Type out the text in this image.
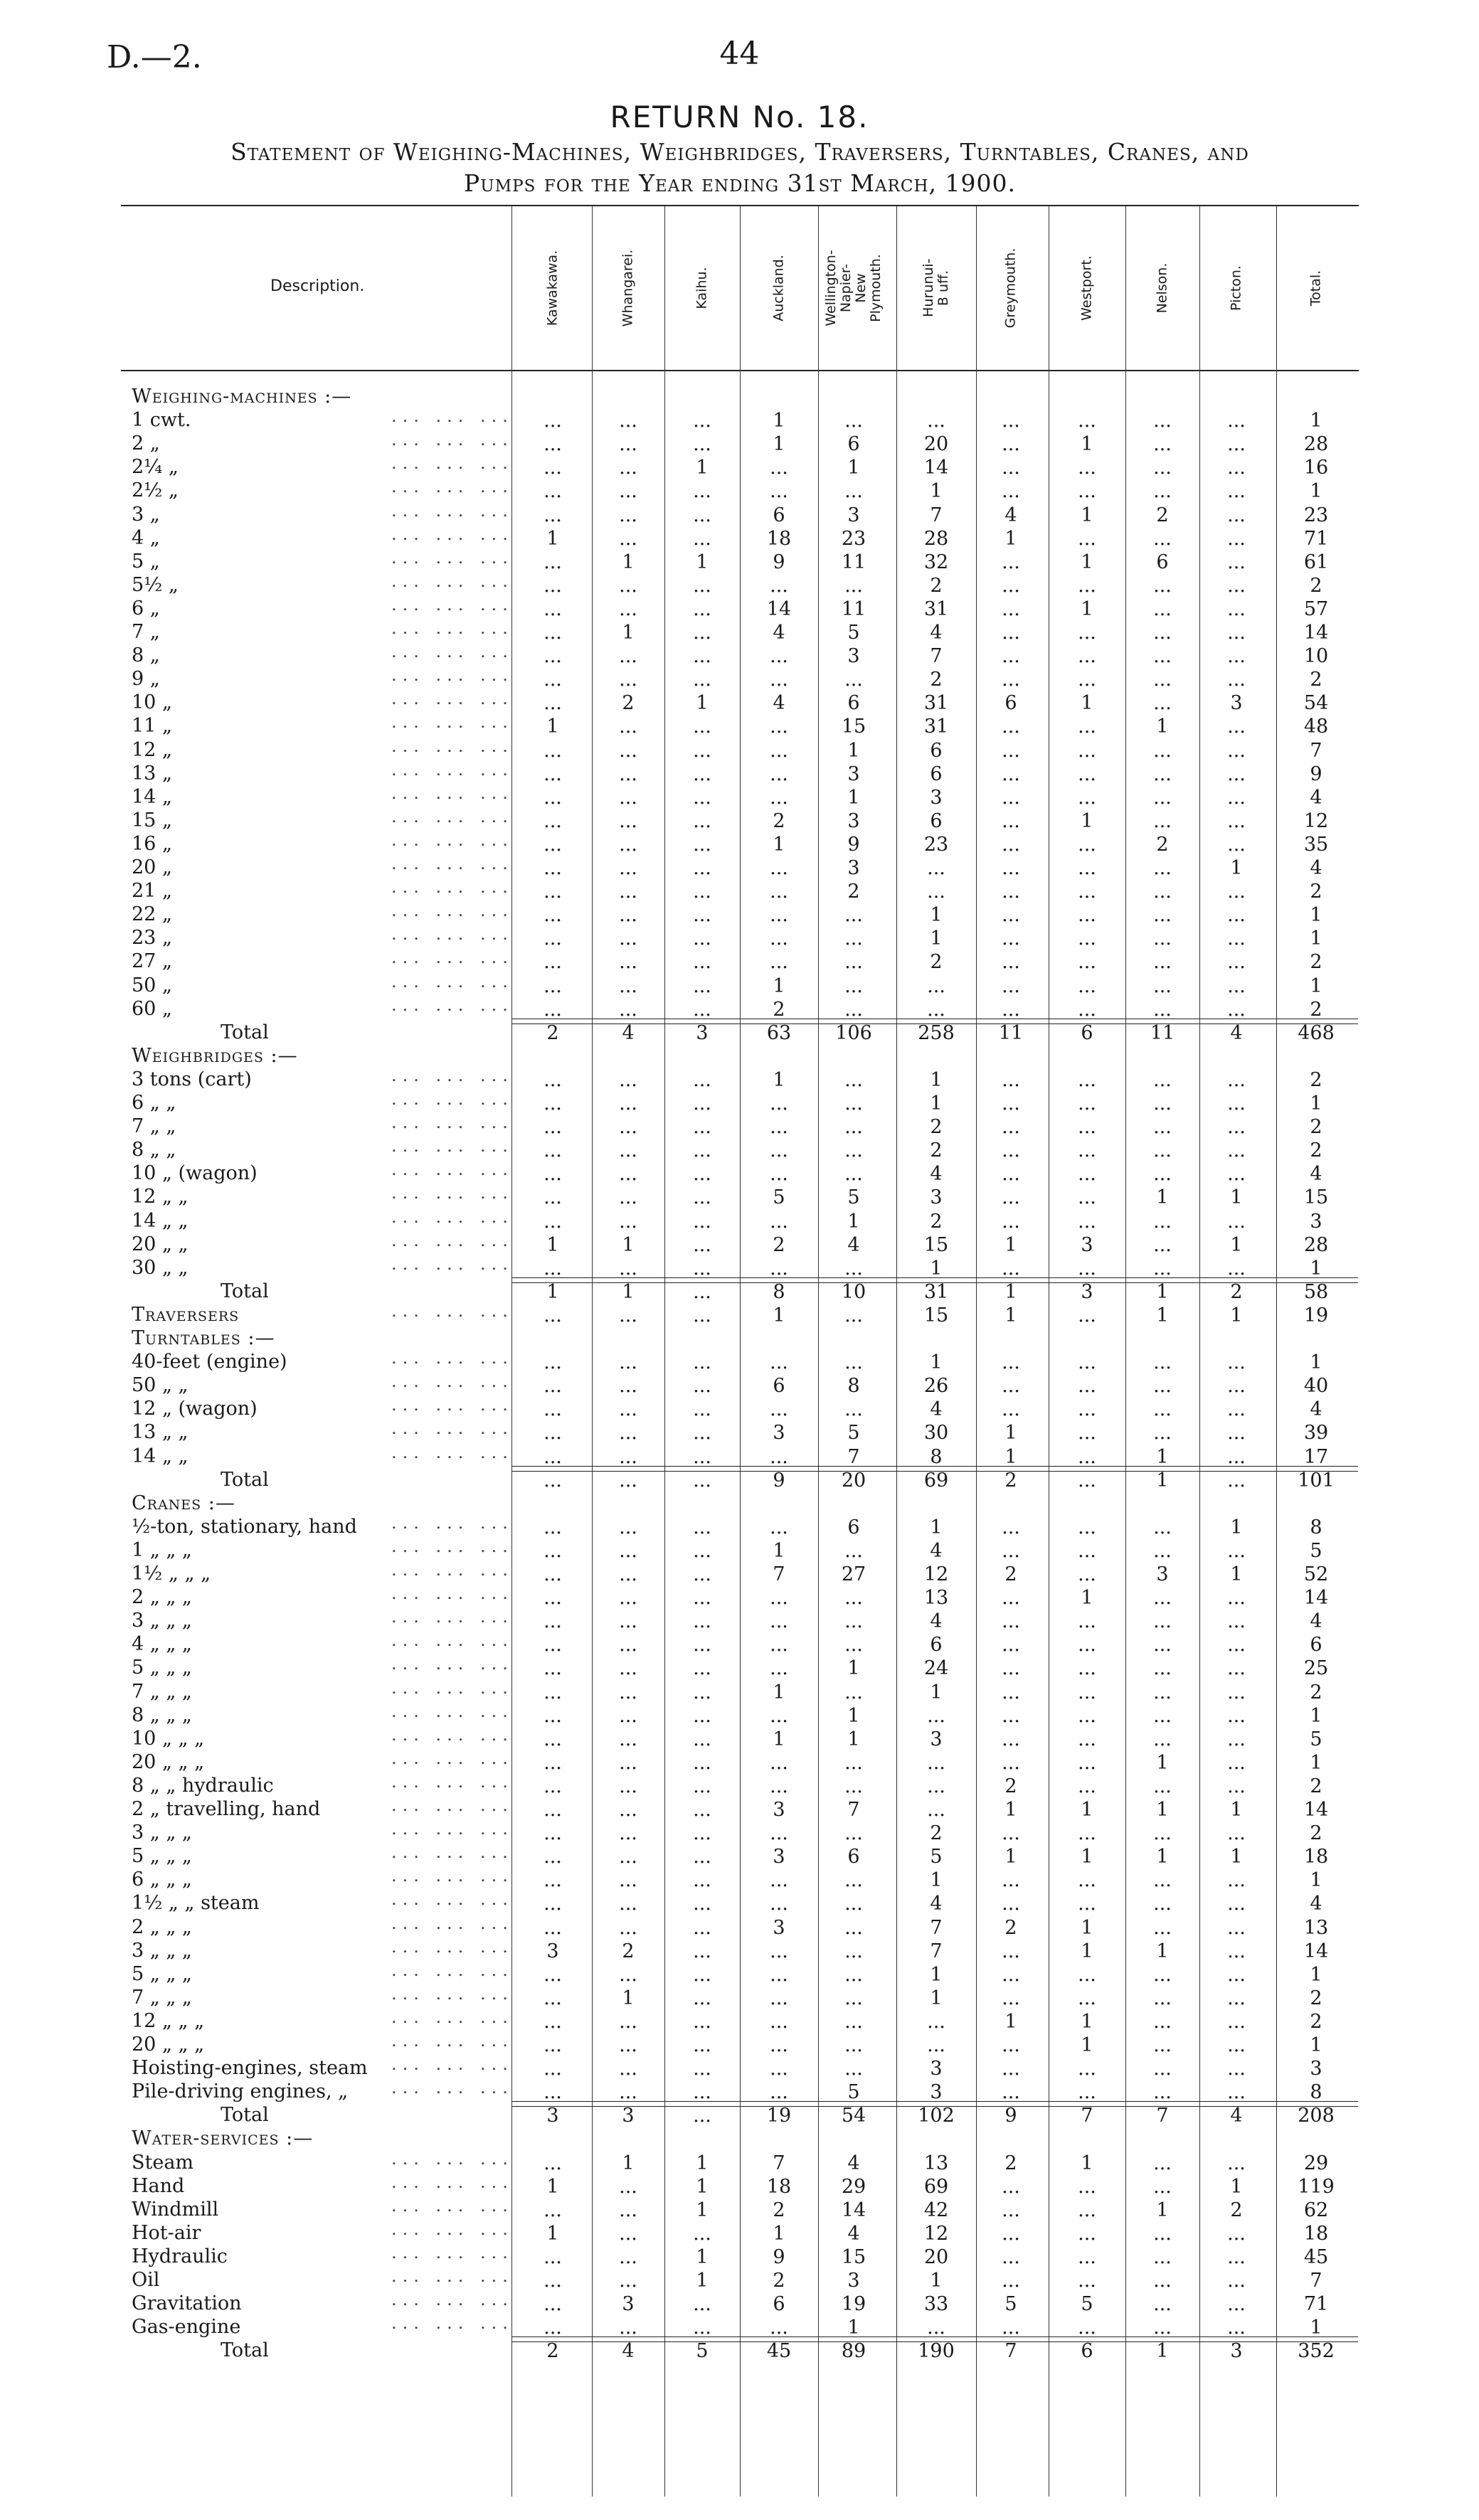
D.—2.	44
RETURN No. 18.
Statement of Weighing-Machines, Weighbridges, Traversers, Turntables, Cranes, and
Pumps for the Year ending 31st March, 1900.
Description.	Kawakawa.	Whangarei.	Kaihu.	Auckland.	Wellington-
Napier-New
Plymouth.	Hurunui-B uff.	Greymouth.	Westport.	Nelson.	Picton.	Total.
Weighing-machines :—
1 cwt.	... ... ...	...	...	...	1	...	...	...	...	...	...	1
2 „	... ... ...	...	...	...	1	6	20	...	1	...	...	28
2¼ „	... ... ...	...	...	1	...	1	14	...	...	...	...	16
2½ „	... ... ...	...	...	...	...	...	1	...	...	...	...	1
3 „	... ... ...	...	...	...	6	3	7	4	1	2	...	23
4 „	... ... ...	1	...	...	18	23	28	1	...	...	...	71
5 „	... ... ...	...	1	1	9	11	32	...	1	6	...	61
5½ „	... ... ...	...	...	...	...	...	2	...	...	...	...	2
6 „	... ... ...	...	...	...	14	11	31	...	1	...	...	57
7 „	... ... ...	...	1	...	4	5	4	...	...	...	...	14
8 „	... ... ...	...	...	...	...	3	7	...	...	...	...	10
9 „	... ... ...	...	...	...	...	...	2	...	...	...	...	2
10 „	... ... ...	...	2	1	4	6	31	6	1	...	3	54
11 „	... ... ...	1	...	...	...	15	31	...	...	1	...	48
12 „	... ... ...	...	...	...	...	1	6	...	...	...	...	7
13 „	... ... ...	...	...	...	...	3	6	...	...	...	...	9
14 „	... ... ...	...	...	...	...	1	3	...	...	...	...	4
15 „	... ... ...	...	...	...	2	3	6	...	1	...	...	12
16 „	... ... ...	...	...	...	1	9	23	...	...	2	...	35
20 „	... ... ...	...	...	...	...	3	...	...	...	...	1	4
21 „	... ... ...	...	...	...	...	2	...	...	...	...	...	2
22 „	... ... ...	...	...	...	...	...	1	...	...	...	...	1
23 „	... ... ...	...	...	...	...	...	1	...	...	...	...	1
27 „	... ... ...	...	...	...	...	...	2	...	...	...	...	2
50 „	... ... ...	...	...	...	1	...	...	...	...	...	...	1
60 „	... ... ...	...	...	...	2	...	...	...	...	...	...	2
Total	2	4	3	63	106	258	11	6	11	4	468
Weighbridges :—
3 tons (cart)	... ... ...	...	...	...	1	...	1	...	...	...	...	2
6 „ „	... ... ...	...	...	...	...	...	1	...	...	...	...	1
7 „ „	... ... ...	...	...	...	...	...	2	...	...	...	...	2
8 „ „	... ... ...	...	...	...	...	...	2	...	...	...	...	2
10 „ (wagon)	... ... ...	...	...	...	...	...	4	...	...	...	...	4
12 „ „	... ... ...	...	...	...	5	5	3	...	...	1	1	15
14 „ „	... ... ...	...	...	...	...	1	2	...	...	...	...	3
20 „ „	... ... ...	1	1	...	2	4	15	1	3	...	1	28
30 „ „	... ... ...	...	...	...	...	...	1	...	...	...	...	1
Total	1	1	...	8	10	31	1	3	1	2	58
Traversers	... ... ...	...	...	...	1	...	15	1	...	1	1	19
Turntables :—
40-feet (engine)	... ... ...	...	...	...	...	...	1	...	...	...	...	1
50 „ „	... ... ...	...	...	...	6	8	26	...	...	...	...	40
12 „ (wagon)	... ... ...	...	...	...	...	...	4	...	...	...	...	4
13 „ „	... ... ...	...	...	...	3	5	30	1	...	...	...	39
14 „ „	... ... ...	...	...	...	...	7	8	1	...	1	...	17
Total	...	...	...	9	20	69	2	...	1	...	101
Cranes :—
½-ton, stationary, hand ... ... ...	...	...	...	...	6	1	...	...	...	1	8
1 „ „ „	... ... ...	...	...	...	1	...	4	...	...	...	...	5
1½ „ „ „	... ... ...	...	...	...	7	27	12	2	...	3	1	52
2 „ „ „	... ... ...	...	...	...	...	...	13	...	1	...	...	14
3 „ „ „	... ... ...	...	...	...	...	...	4	...	...	...	...	4
4 „ „ „	... ... ...	...	...	...	...	...	6	...	...	...	...	6
5 „ „ „	... ... ...	...	...	...	...	1	24	...	...	...	...	25
7 „ „ „	... ... ...	...	...	...	1	...	1	...	...	...	...	2
8 „ „ „	... ... ...	...	...	...	...	1	...	...	...	...	...	1
10 „ „ „	... ... ...	...	...	...	1	1	3	...	...	...	...	5
20 „ „ „	... ... ...	...	...	...	...	...	...	...	...	1	...	1
8 „ „ hydraulic	... ... ...	...	...	...	...	...	...	2	...	...	...	2
2 „ travelling, hand	... ... ...	...	...	...	3	7	...	1	1	1	1	14
3 „ „ „	... ... ...	...	...	...	...	...	2	...	...	...	...	2
5 „ „ „	... ... ...	...	...	...	3	6	5	1	1	1	1	18
6 „ „ „	... ... ...	...	...	...	...	...	1	...	...	...	...	1
1½ „ „ steam	... ... ...	...	...	...	...	...	4	...	...	...	...	4
2 „ „ „	... ... ...	...	...	...	3	...	7	2	1	...	...	13
3 „ „ „	... ... ...	3	2	...	...	...	7	...	1	1	...	14
5 „ „ „	... ... ...	...	...	...	...	...	1	...	...	...	...	1
7 „ „ „	... ... ...	...	1	...	...	...	1	...	...	...	...	2
12 „ „ „	... ... ...	...	...	...	...	...	...	1	1	...	...	2
20 „ „ „	... ... ...	...	...	...	...	...	...	...	1	...	...	1
Hoisting-engines, steam ... ... ...	...	...	...	...	...	3	...	...	...	...	3
Pile-driving engines, „	... ... ...	...	...	...	...	5	3	...	...	...	...	8
Total	3	3	...	19	54	102	9	7	7	4	208
Water-services :—
Steam	... ... ...	...	1	1	7	4	13	2	1	...	...	29
Hand	... ... ...	1	...	1	18	29	69	...	...	...	1	119
Windmill	... ... ...	...	...	1	2	14	42	...	...	1	2	62
Hot-air	... ... ...	1	...	...	1	4	12	...	...	...	...	18
Hydraulic	... ... ...	...	...	1	9	15	20	...	...	...	...	45
Oil	... ... ...	...	...	1	2	3	1	...	...	...	...	7
Gravitation	... ... ...	...	3	...	6	19	33	5	5	...	...	71
Gas-engine	... ... ...	...	...	...	...	1	...	...	...	...	...	1
Total	2	4	5	45	89	190	7	6	1	3	352
